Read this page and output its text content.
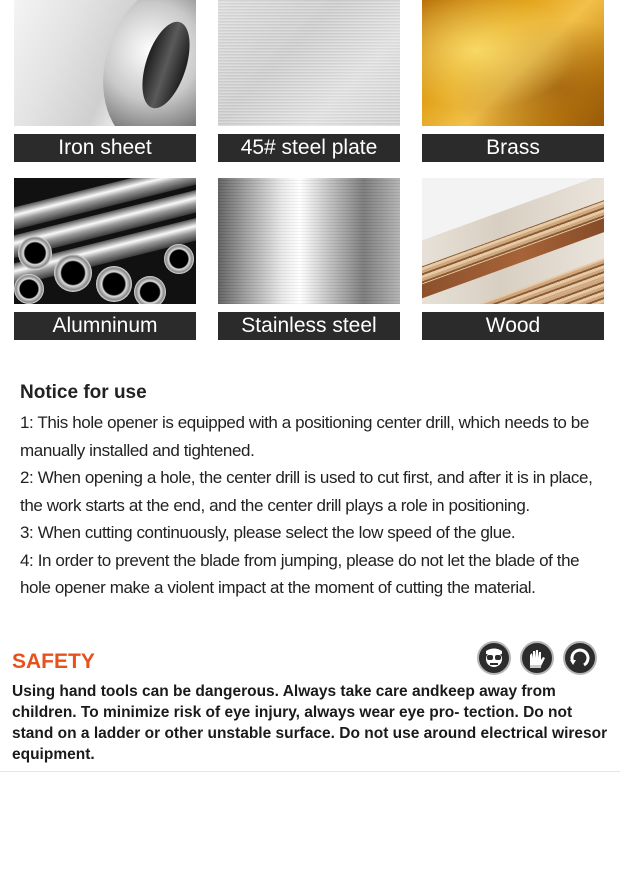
Iron sheet	45# steel plate	Brass
Alumninum	Stainless steel	Wood
Notice for use

1: This hole opener is equipped with a positioning center drill, which needs to be manually installed and tightened.

2: When opening a hole, the center drill is used to cut first, and after it is in place, the work starts at the end, and the center drill plays a role in positioning.

3: When cutting continuously, please select the low speed of the glue.

4: In order to prevent the blade from jumping, please do not let the blade of the hole opener make a violent impact at the moment of cutting the material.

SAFETY
Using hand tools can be dangerous. Always take care andkeep away from children. To minimize risk of eye injury, always wear eye pro- tection. Do not stand on a ladder or other unstable surface. Do not use around electrical wiresor equipment.
